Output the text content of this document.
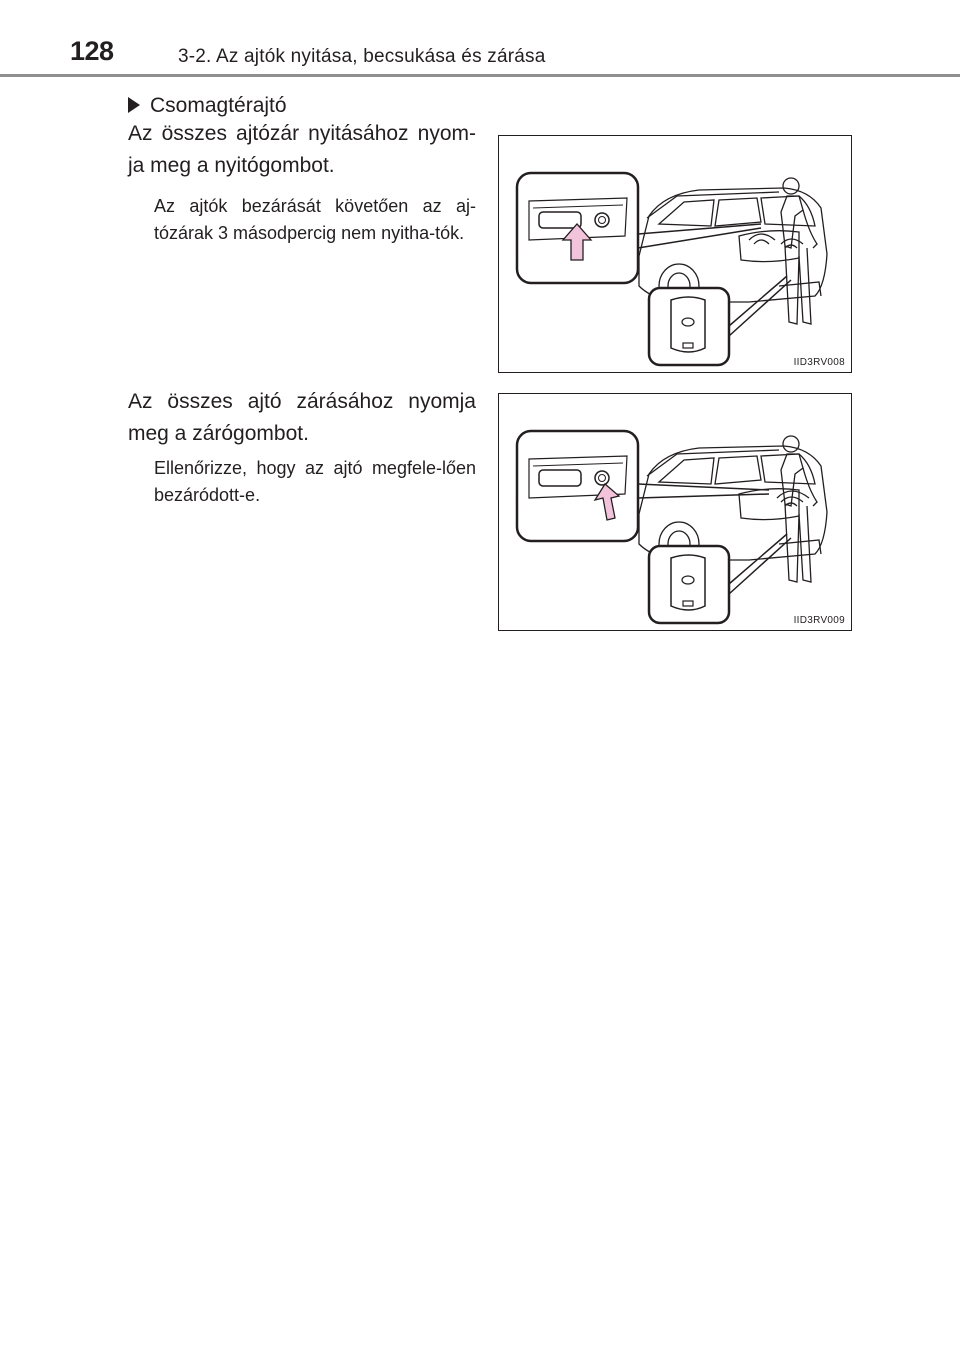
128	3-2. Az ajtók nyitása, becsukása és zárása
Csomagtérajtó

Az összes ajtózár nyitásához nyom-ja meg a nyitógombot.

Az ajtók bezárását követően az aj-tózárak 3 másodpercig nem nyitha-tók.

IID3RV008

Az összes ajtó zárásához nyomja meg a zárógombot.

Ellenőrizze, hogy az ajtó megfele-lően bezáródott-e.

IID3RV009
